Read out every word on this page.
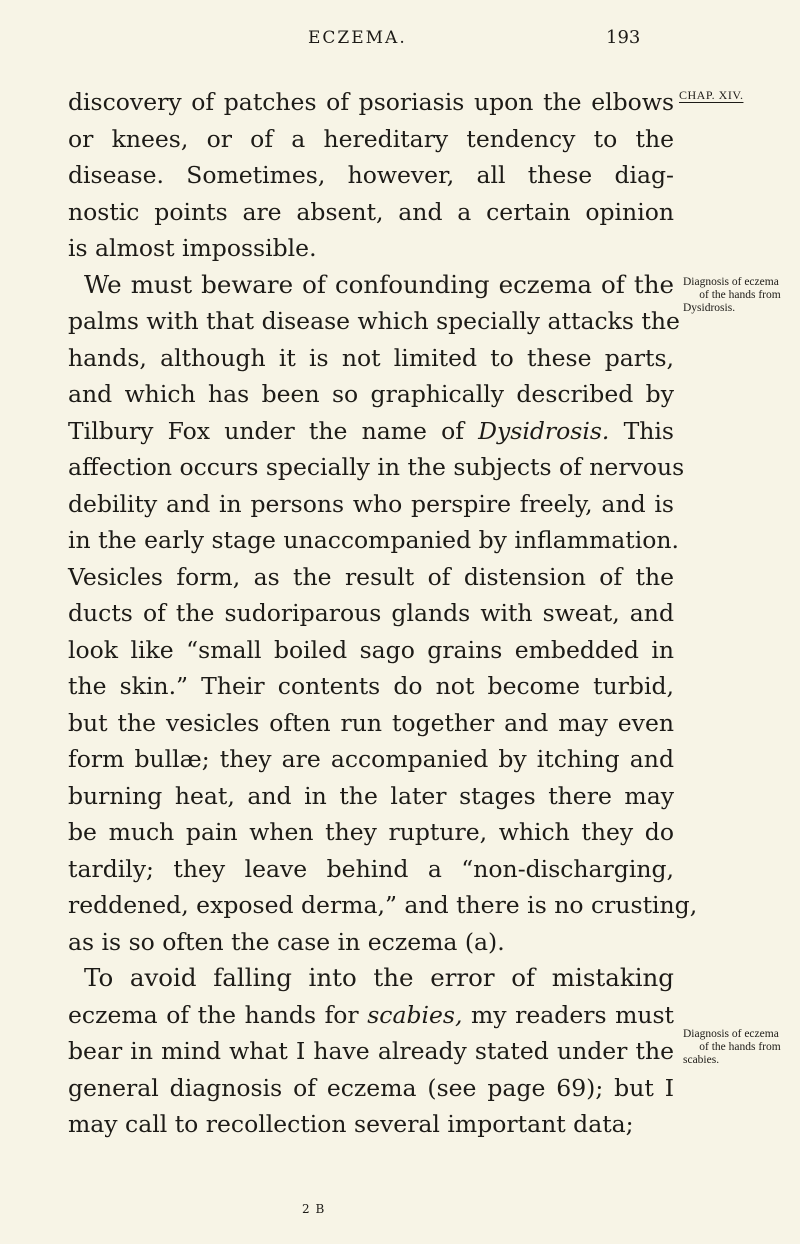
ECZEMA.	193
CHAP. XIV.
discovery of patches of psoriasis upon the elbows
or knees, or of a hereditary tendency to the
disease. Sometimes, however, all these diag-
nostic points are absent, and a certain opinion
is almost impossible.
We must beware of confounding eczema of the
palms with that disease which specially attacks the
hands, although it is not limited to these parts,
and which has been so graphically described by
Tilbury Fox under the name of Dysidrosis. This
affection occurs specially in the subjects of nervous
debility and in persons who perspire freely, and is
in the early stage unaccompanied by inflammation.
Vesicles form, as the result of distension of the
ducts of the sudoriparous glands with sweat, and
look like “small boiled sago grains embedded in
the skin.” Their contents do not become turbid,
but the vesicles often run together and may even
form bullæ; they are accompanied by itching and
burning heat, and in the later stages there may
be much pain when they rupture, which they do
tardily; they leave behind a “non-discharging,
reddened, exposed derma,” and there is no crusting,
as is so often the case in eczema (a).
To avoid falling into the error of mistaking
eczema of the hands for scabies, my readers must
bear in mind what I have already stated under the
general diagnosis of eczema (see page 69); but I
may call to recollection several important data;
Diagnosis of eczema
of the hands from
Dysidrosis.
Diagnosis of eczema
of the hands from
scabies.
2 B
